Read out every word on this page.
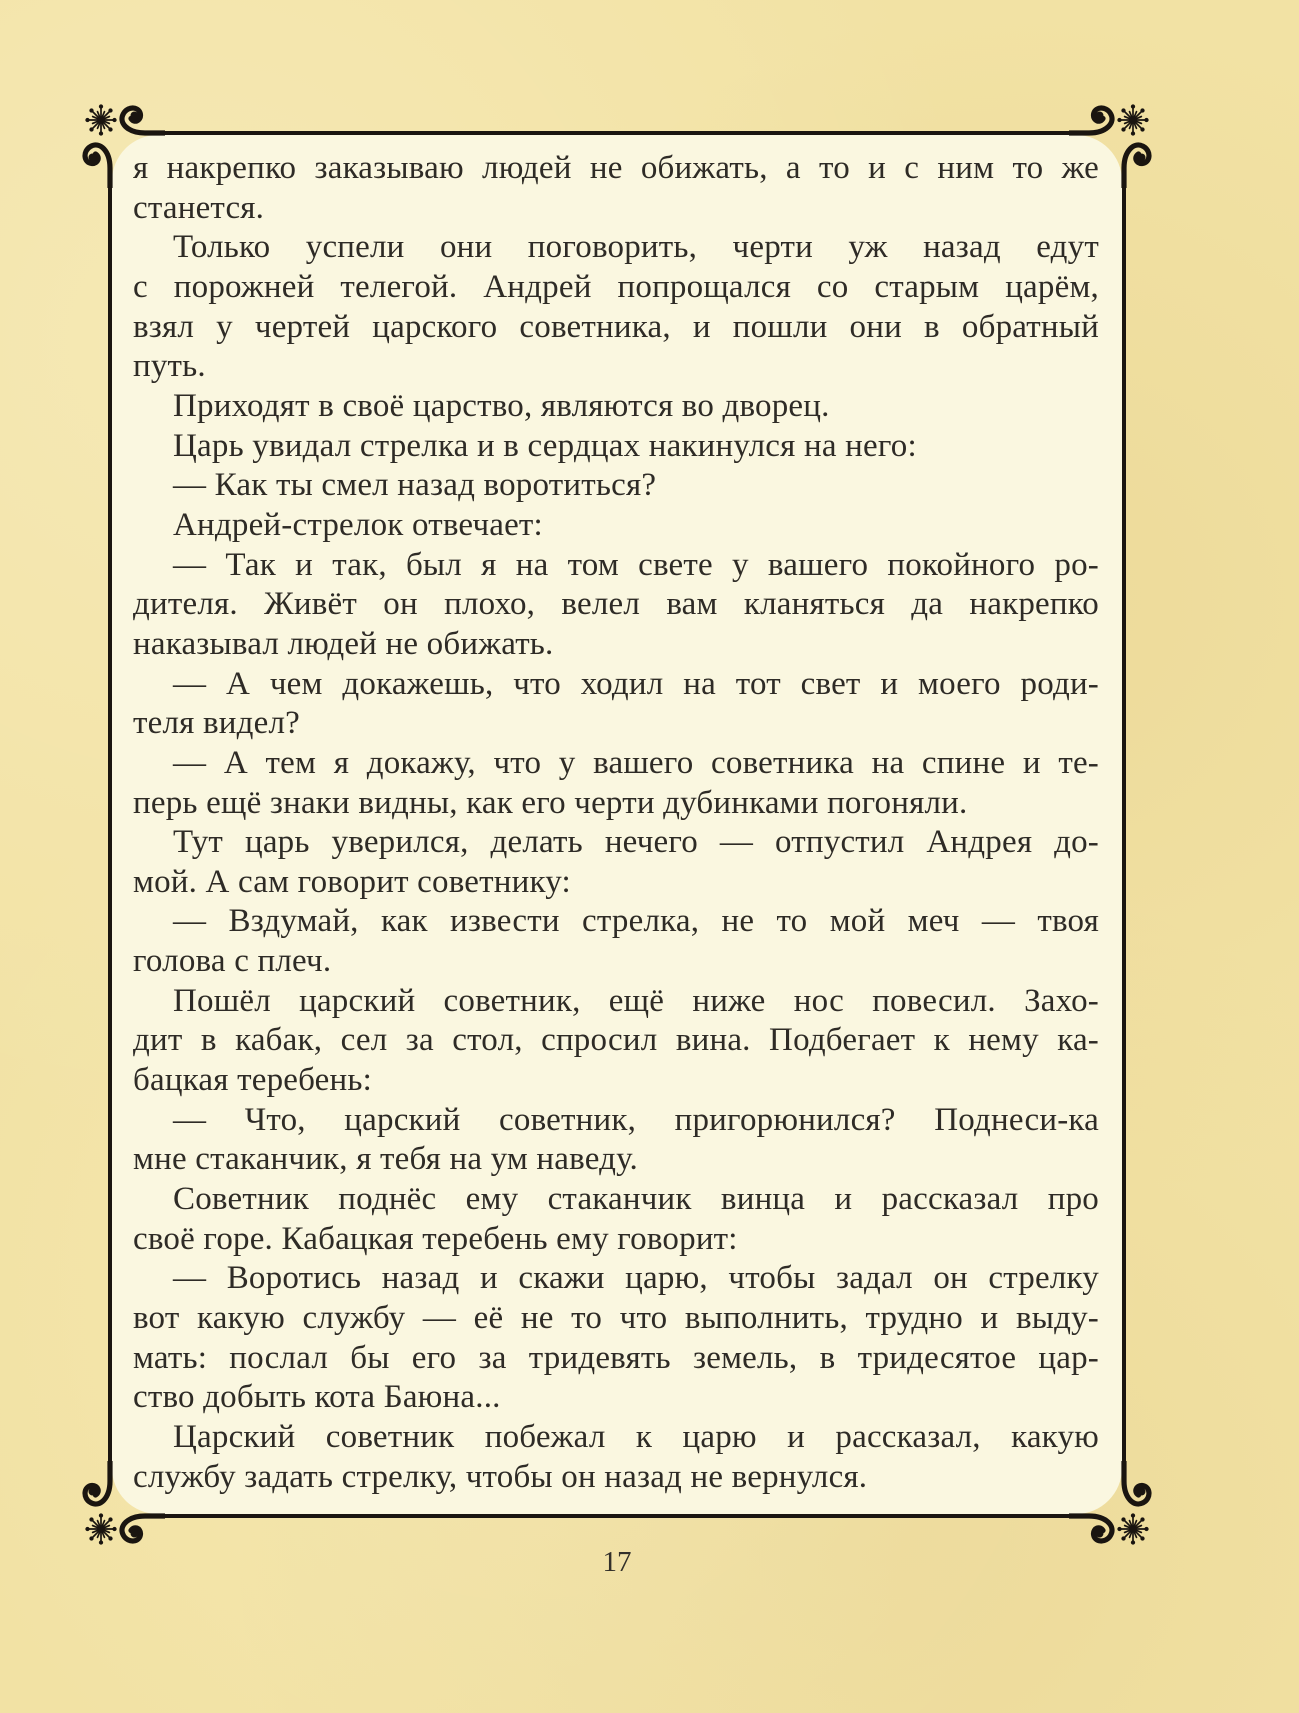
я накрепко заказываю людей не обижать, а то и с ним то же
станется.
Только успели они поговорить, черти уж назад едут
с порожней телегой. Андрей попрощался со старым царём,
взял у чертей царского советника, и пошли они в обратный
путь.
Приходят в своё царство, являются во дворец.
Царь увидал стрелка и в сердцах накинулся на него:
— Как ты смел назад воротиться?
Андрей-стрелок отвечает:
— Так и так, был я на том свете у вашего покойного ро-
дителя. Живёт он плохо, велел вам кланяться да накрепко
наказывал людей не обижать.
— А чем докажешь, что ходил на тот свет и моего роди-
теля видел?
— А тем я докажу, что у вашего советника на спине и те-
перь ещё знаки видны, как его черти дубинками погоняли.
Тут царь уверился, делать нечего — отпустил Андрея до-
мой. А сам говорит советнику:
— Вздумай, как извести стрелка, не то мой меч — твоя
голова с плеч.
Пошёл царский советник, ещё ниже нос повесил. Захо-
дит в кабак, сел за стол, спросил вина. Подбегает к нему ка-
бацкая теребень:
— Что, царский советник, пригорюнился? Поднеси-ка
мне стаканчик, я тебя на ум наведу.
Советник поднёс ему стаканчик винца и рассказал про
своё горе. Кабацкая теребень ему говорит:
— Воротись назад и скажи царю, чтобы задал он стрелку
вот какую службу — её не то что выполнить, трудно и выду-
мать: послал бы его за тридевять земель, в тридесятое цар-
ство добыть кота Баюна...
Царский советник побежал к царю и рассказал, какую
службу задать стрелку, чтобы он назад не вернулся.
17
